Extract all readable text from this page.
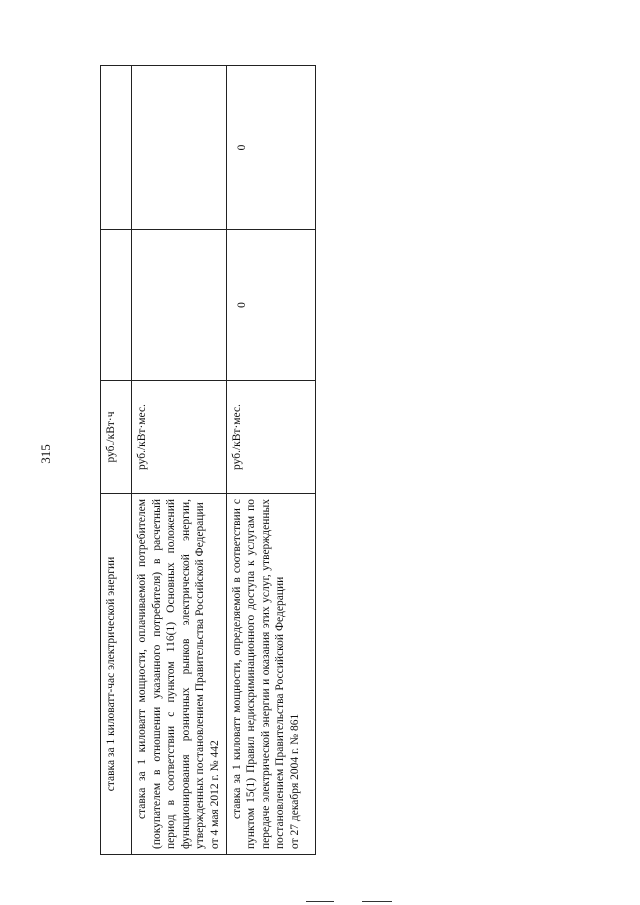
315
ставка за 1 киловатт-час электрической энергии	руб./кВт·ч		

ставка за 1 киловатт мощности, оплачиваемой потребителем (покупателем в отношении указанного потребителя) в расчетный период в соответствии с пунктом 116(1) Основных положений функционирования розничных рынков электрической энергии, утвержденных постановлением Правительства Российской Федерации от 4 мая 2012 г. № 442	руб./кВт·мес.		

ставка за 1 киловатт мощности, определяемой в соответствии с пунктом 15(1) Правил недискриминационного доступа к услугам по передаче электрической энергии и оказания этих услуг, утвержденных постановлением Правительства Российской Федерации от 27 декабря 2004 г. № 861	руб./кВт·мес.	0	0
